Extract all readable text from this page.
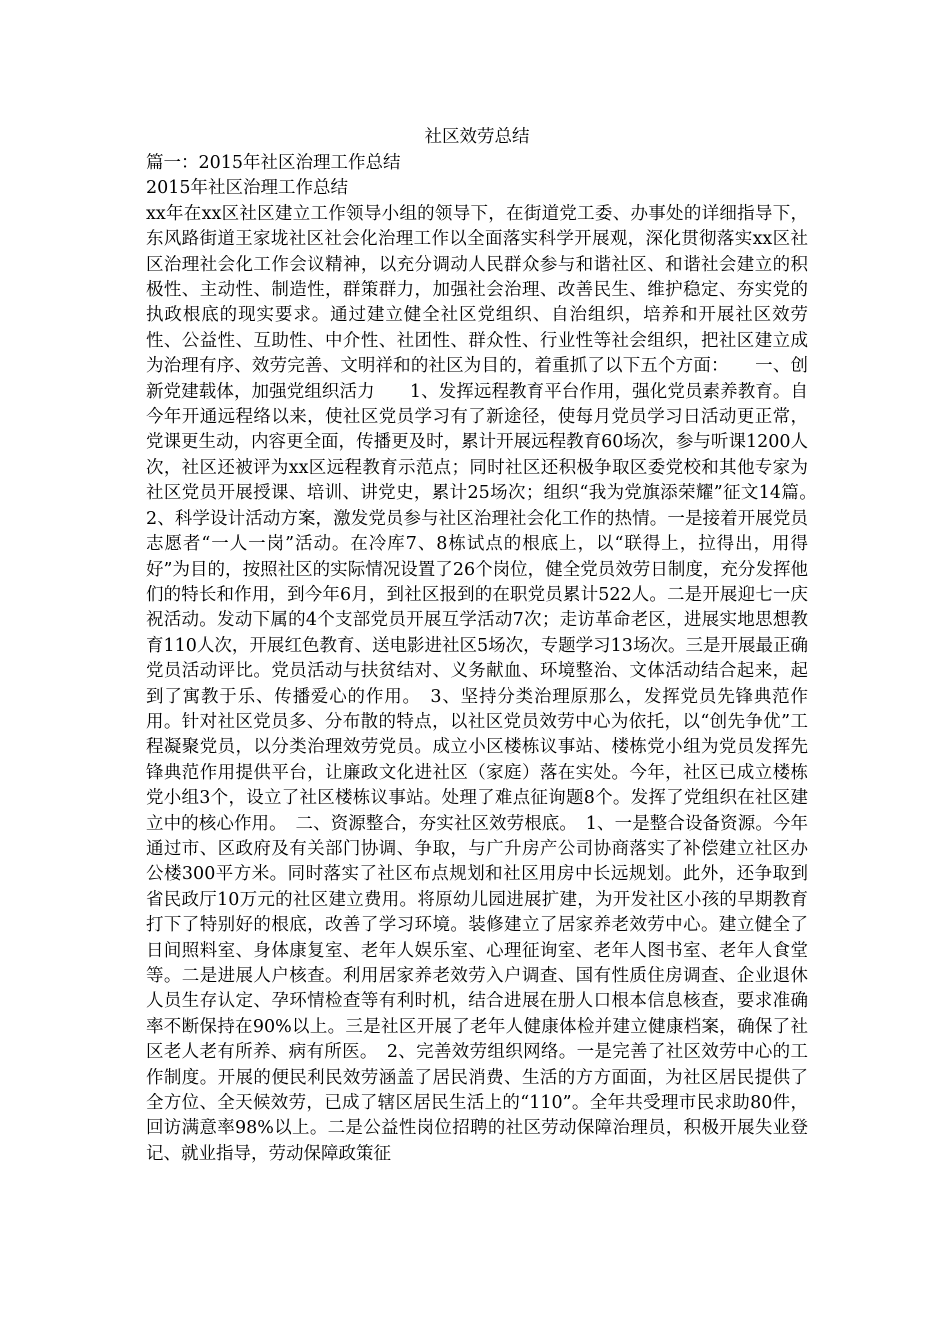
社区效劳总结
篇一：2015年社区治理工作总结
2015年社区治理工作总结
xx年在xx区社区建立工作领导小组的领导下，在街道党工委、办事处的详细指导下，东风路街道王家垅社区社会化治理工作以全面落实科学开展观，深化贯彻落实xx区社区治理社会化工作会议精神，以充分调动人民群众参与和谐社区、和谐社会建立的积极性、主动性、制造性，群策群力，加强社会治理、改善民生、维护稳定、夯实党的执政根底的现实要求。通过建立健全社区党组织、自治组织，培养和开展社区效劳性、公益性、互助性、中介性、社团性、群众性、行业性等社会组织，把社区建立成为治理有序、效劳完善、文明祥和的社区为目的，着重抓了以下五个方面：　　一、创新党建载体，加强党组织活力　　1、发挥远程教育平台作用，强化党员素养教育。自今年开通远程络以来，使社区党员学习有了新途径，使每月党员学习日活动更正常，党课更生动，内容更全面，传播更及时，累计开展远程教育60场次，参与听课1200人次，社区还被评为xx区远程教育示范点；同时社区还积极争取区委党校和其他专家为社区党员开展授课、培训、讲党史，累计25场次；组织“我为党旗添荣耀”征文14篇。　2、科学设计活动方案，激发党员参与社区治理社会化工作的热情。一是接着开展党员志愿者“一人一岗”活动。在冷库7、8栋试点的根底上，以“联得上，拉得出，用得好”为目的，按照社区的实际情况设置了26个岗位，健全党员效劳日制度，充分发挥他们的特长和作用，到今年6月，到社区报到的在职党员累计522人。二是开展迎七一庆祝活动。发动下属的4个支部党员开展互学活动7次；走访革命老区，进展实地思想教育110人次，开展红色教育、送电影进社区5场次，专题学习13场次。三是开展最正确党员活动评比。党员活动与扶贫结对、义务献血、环境整治、文体活动结合起来，起到了寓教于乐、传播爱心的作用。　3、坚持分类治理原那么，发挥党员先锋典范作用。针对社区党员多、分布散的特点，以社区党员效劳中心为依托，以“创先争优”工程凝聚党员，以分类治理效劳党员。成立小区楼栋议事站、楼栋党小组为党员发挥先锋典范作用提供平台，让廉政文化进社区（家庭）落在实处。今年，社区已成立楼栋党小组3个，设立了社区楼栋议事站。处理了难点征询题8个。发挥了党组织在社区建立中的核心作用。　二、资源整合，夯实社区效劳根底。　1、一是整合设备资源。今年通过市、区政府及有关部门协调、争取，与广升房产公司协商落实了补偿建立社区办公楼300平方米。同时落实了社区布点规划和社区用房中长远规划。此外，还争取到省民政厅10万元的社区建立费用。将原幼儿园进展扩建，为开发社区小孩的早期教育打下了特别好的根底，改善了学习环境。装修建立了居家养老效劳中心。建立健全了日间照料室、身体康复室、老年人娱乐室、心理征询室、老年人图书室、老年人食堂等。二是进展人户核查。利用居家养老效劳入户调查、国有性质住房调查、企业退休人员生存认定、孕环情检查等有利时机，结合进展在册人口根本信息核查，要求准确率不断保持在90%以上。三是社区开展了老年人健康体检并建立健康档案，确保了社区老人老有所养、病有所医。　2、完善效劳组织网络。一是完善了社区效劳中心的工作制度。开展的便民利民效劳涵盖了居民消费、生活的方方面面，为社区居民提供了全方位、全天候效劳，已成了辖区居民生活上的“110”。全年共受理市民求助80件，回访满意率98%以上。二是公益性岗位招聘的社区劳动保障治理员，积极开展失业登记、就业指导，劳动保障政策征
